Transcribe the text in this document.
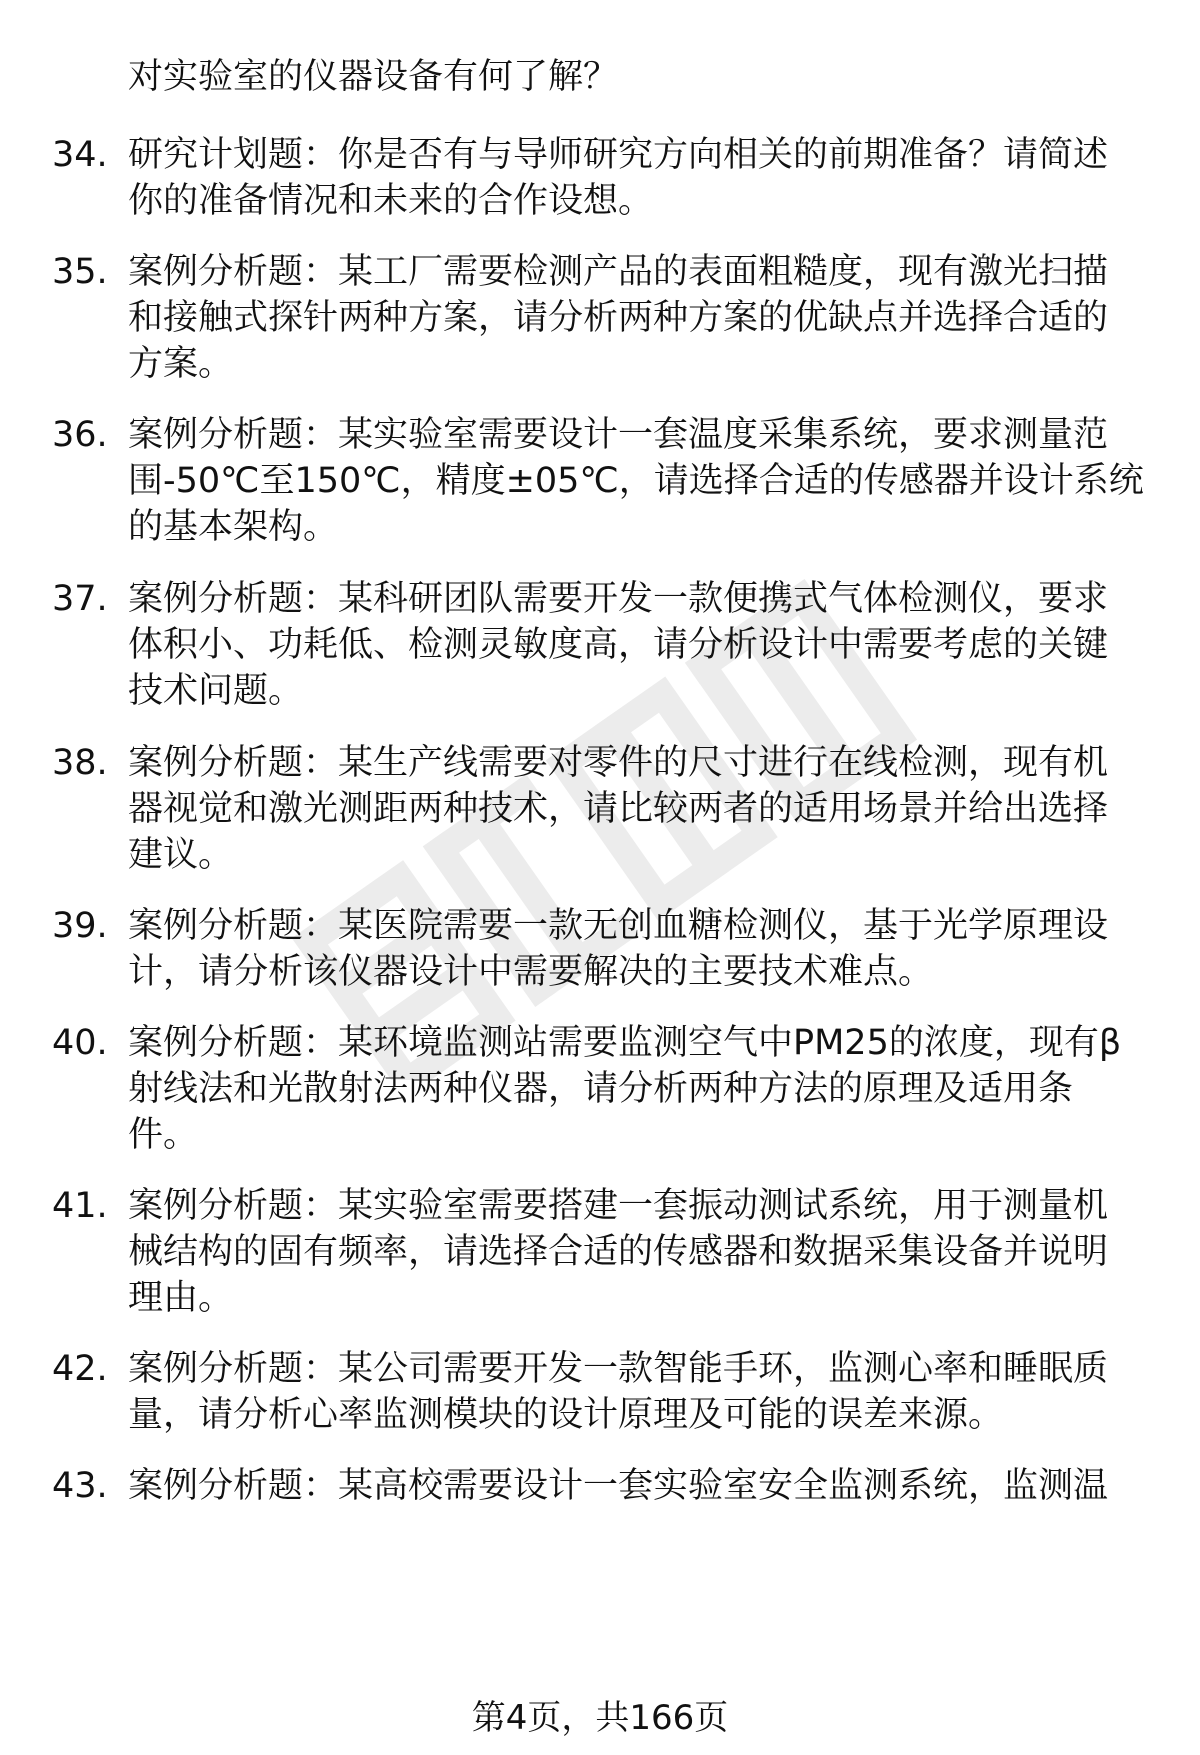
对实验室的仪器设备有何了解？
34. 研究计划题：你是否有与导师研究方向相关的前期准备？请简述
你的准备情况和未来的合作设想。
35. 案例分析题：某工厂需要检测产品的表面粗糙度，现有激光扫描
和接触式探针两种方案，请分析两种方案的优缺点并选择合适的
方案。
36. 案例分析题：某实验室需要设计一套温度采集系统，要求测量范
围-50℃至150℃，精度±05℃，请选择合适的传感器并设计系统
的基本架构。
37. 案例分析题：某科研团队需要开发一款便携式气体检测仪，要求
体积小、功耗低、检测灵敏度高，请分析设计中需要考虑的关键
技术问题。
38. 案例分析题：某生产线需要对零件的尺寸进行在线检测，现有机
器视觉和激光测距两种技术，请比较两者的适用场景并给出选择
建议。
39. 案例分析题：某医院需要一款无创血糖检测仪，基于光学原理设
计，请分析该仪器设计中需要解决的主要技术难点。
40. 案例分析题：某环境监测站需要监测空气中PM25的浓度，现有β
射线法和光散射法两种仪器，请分析两种方法的原理及适用条
件。
41. 案例分析题：某实验室需要搭建一套振动测试系统，用于测量机
械结构的固有频率，请选择合适的传感器和数据采集设备并说明
理由。
42. 案例分析题：某公司需要开发一款智能手环，监测心率和睡眠质
量，请分析心率监测模块的设计原理及可能的误差来源。
43. 案例分析题：某高校需要设计一套实验室安全监测系统，监测温
第4页，共166页
